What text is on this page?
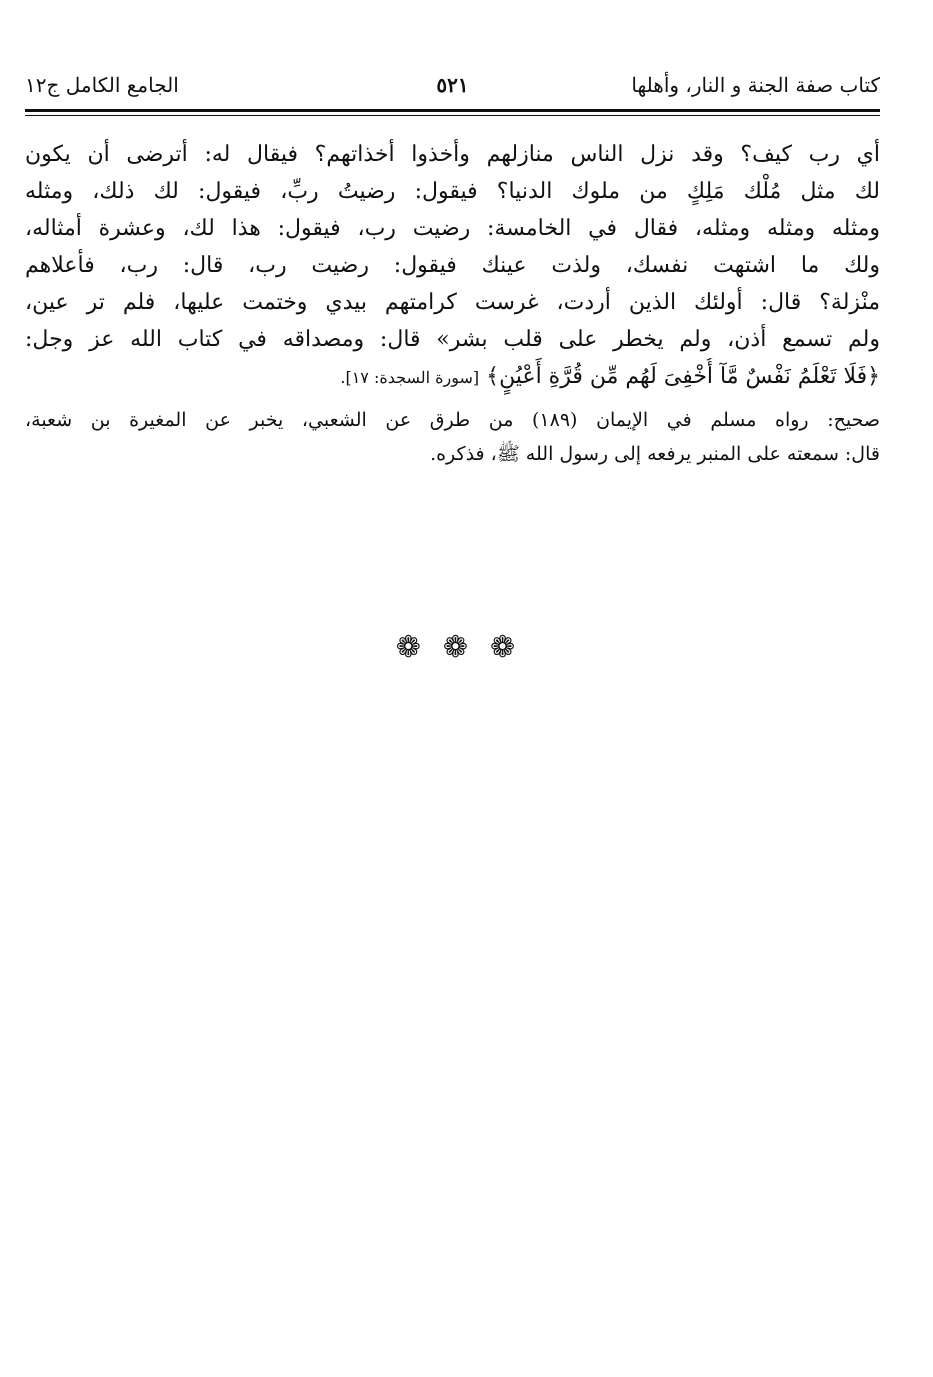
كتاب صفة الجنة و النار، وأهلها
٥٢١
الجامع الكامل ج١٢
أي رب كيف؟ وقد نزل الناس منازلهم وأخذوا أخذاتهم؟ فيقال له: أترضى أن يكون
لك مثل مُلْك مَلِكٍ من ملوك الدنيا؟ فيقول: رضيتُ ربِّ، فيقول: لك ذلك، ومثله
ومثله ومثله ومثله، فقال في الخامسة: رضيت رب، فيقول: هذا لك، وعشرة أمثاله،
ولك ما اشتهت نفسك، ولذت عينك فيقول: رضيت رب، قال: رب، فأعلاهم
منْزلة؟ قال: أولئك الذين أردت، غرست كرامتهم بيدي وختمت عليها، فلم تر عين،
ولم تسمع أذن، ولم يخطر على قلب بشر» قال: ومصداقه في كتاب الله عز وجل:
﴿فَلَا تَعْلَمُ نَفْسٌ مَّآ أُخْفِىَ لَهُم مِّن قُرَّةِ أَعْيُنٍ﴾ [سورة السجدة: ١٧].
صحيح: رواه مسلم في الإيمان (١٨٩) من طرق عن الشعبي، يخبر عن المغيرة بن شعبة،
قال: سمعته على المنبر يرفعه إلى رسول الله ﷺ، فذكره.
❁❁❁
